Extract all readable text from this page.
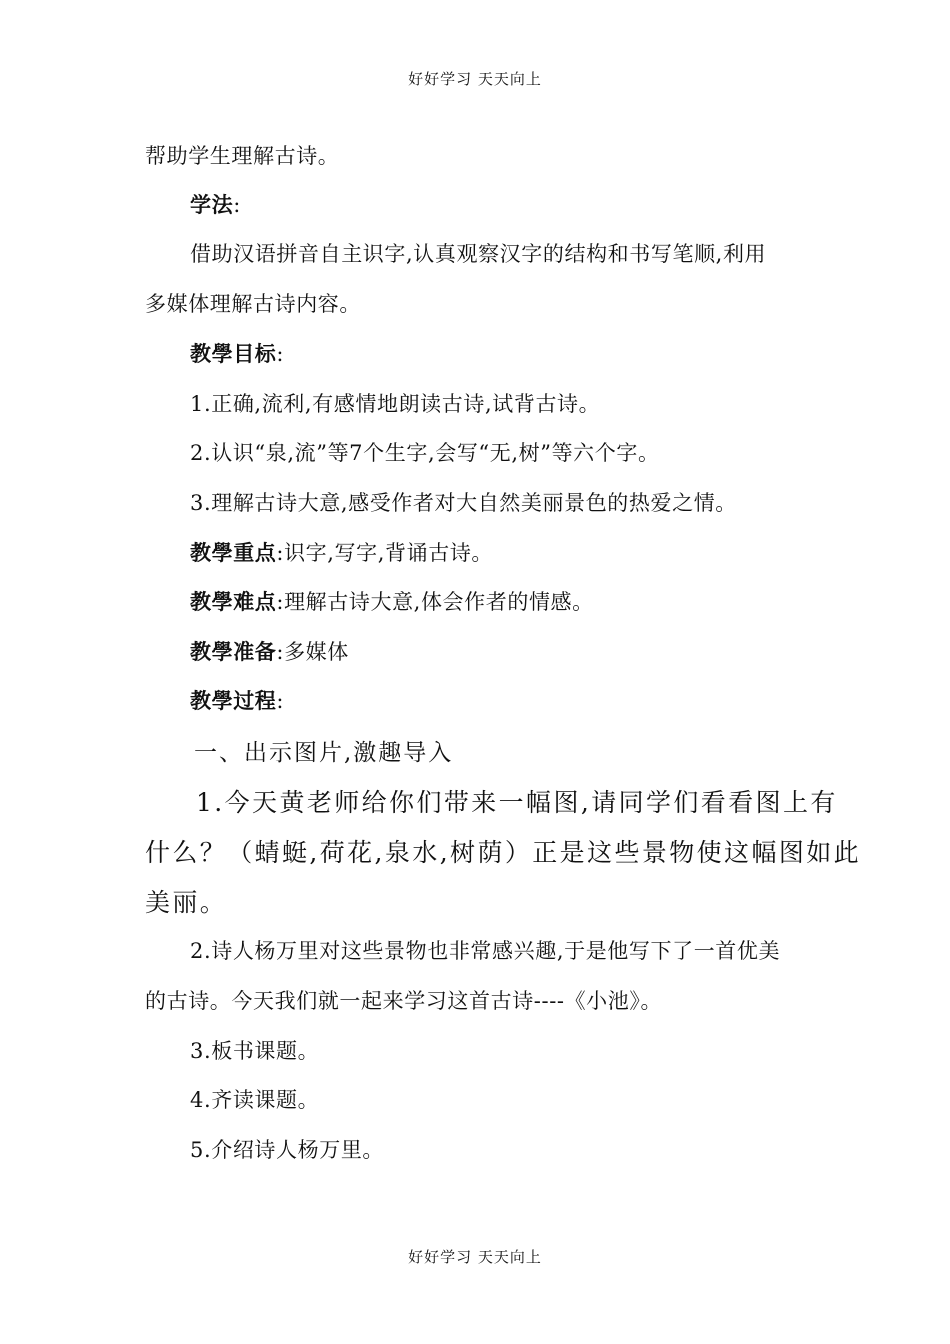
好好学习 天天向上
帮助学生理解古诗。
学法:
借助汉语拼音自主识字,认真观察汉字的结构和书写笔顺,利用
多媒体理解古诗内容。
教學目标:
1.正确,流利,有感情地朗读古诗,试背古诗。
2.认识“泉,流”等7个生字,会写“无,树”等六个字。
3.理解古诗大意,感受作者对大自然美丽景色的热爱之情。
教學重点:识字,写字,背诵古诗。
教學难点:理解古诗大意,体会作者的情感。
教學准备:多媒体
教學过程:
一、出示图片,激趣导入
1.今天黄老师给你们带来一幅图,请同学们看看图上有
什么？（蜻蜓,荷花,泉水,树荫）正是这些景物使这幅图如此
美丽。
2.诗人杨万里对这些景物也非常感兴趣,于是他写下了一首优美
的古诗。今天我们就一起来学习这首古诗----《小池》。
3.板书课题。
4.齐读课题。
5.介绍诗人杨万里。
好好学习 天天向上
